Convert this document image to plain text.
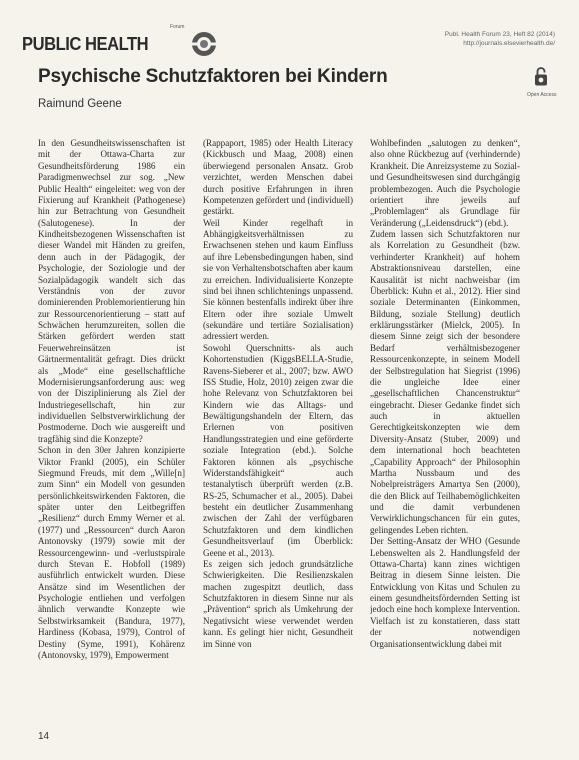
PUBLIC HEALTH
Forum
Publ. Health Forum 23, Heft 82 (2014)
http://journals.elsevierhealth.de/
Open Access
Psychische Schutzfaktoren bei Kindern
Raimund Geene

In den Gesundheitswissenschaften ist mit der Ottawa-Charta zur Gesundheitsförderung 1986 ein Paradigmenwechsel zur sog. „New Public Health“ eingeleitet: weg von der Fixierung auf Krankheit (Pathogenese) hin zur Betrachtung von Gesundheit (Salutogenese). In der Kindheitsbezogenen Wissenschaften ist dieser Wandel mit Händen zu greifen, denn auch in der Pädagogik, der Psychologie, der Soziologie und der Sozialpädagogik wandelt sich das Verständnis von der zuvor dominierenden Problemorientierung hin zur Ressourcenorientierung – statt auf Schwächen herumzureiten, sollen die Stärken gefördert werden statt Feuerwehreinsätzen ist Gärtnermentalität gefragt. Dies drückt als „Mode“ eine gesellschaftliche Modernisierungsanforderung aus: weg von der Disziplinierung als Ziel der Industriegesellschaft, hin zur individuellen Selbstverwirklichung der Postmoderne. Doch wie ausgereift und tragfähig sind die Konzepte?

Schon in den 30er Jahren konzipierte Viktor Frankl (2005), ein Schüler Siegmund Freuds, mit dem „Wille[n] zum Sinn“ ein Modell von gesunden persönlichkeitswirkenden Faktoren, die später unter den Leitbegriffen „Resilienz“ durch Emmy Werner et al. (1977) und „Ressourcen“ durch Aaron Antonovsky (1979) sowie mit der Ressourcengewinn- und -verlustspirale durch Stevan E. Hobfoll (1989) ausführlich entwickelt wurden. Diese Ansätze sind im Wesentlichen der Psychologie entliehen und verfolgen ähnlich verwandte Konzepte wie Selbstwirksamkeit (Bandura, 1977), Hardiness (Kobasa, 1979), Control of Destiny (Syme, 1991), Kohärenz (Antonovsky, 1979), Empowerment

(Rappaport, 1985) oder Health Literacy (Kickbusch und Maag, 2008) einen überwiegend personalen Ansatz. Grob verzichtet, werden Menschen dabei durch positive Erfahrungen in ihren Kompetenzen gefördert und (individuell) gestärkt.

Weil Kinder regelhaft in Abhängigkeitsverhältnissen zu Erwachsenen stehen und kaum Einfluss auf ihre Lebensbedingungen haben, sind sie von Verhaltensbotschaften aber kaum zu erreichen. Individualisierte Konzepte sind bei ihnen schlichtenings unpassend. Sie können bestenfalls indirekt über ihre Eltern oder ihre soziale Umwelt (sekundäre und tertiäre Sozialisation) adressiert werden.

Sowohl Querschnitts- als auch Kohortenstudien (KiggsBELLA-Studie, Ravens-Sieberer et al., 2007; bzw. AWO ISS Studie, Holz, 2010) zeigen zwar die hohe Relevanz von Schutzfaktoren bei Kindern wie das Alltags- und Bewältigungshandeln der Eltern, das Erlernen von positiven Handlungsstrategien und eine geförderte soziale Integration (ebd.). Solche Faktoren können als „psychische Widerstandsfähigkeit“ auch testanalytisch überprüft werden (z.B. RS-25, Schumacher et al., 2005). Dabei besteht ein deutlicher Zusammenhang zwischen der Zahl der verfügbaren Schutzfaktoren und dem kindlichen Gesundheitsverlauf (im Überblick: Geene et al., 2013).

Es zeigen sich jedoch grundsätzliche Schwierigkeiten. Die Resilienzskalen machen zugespitzt deutlich, dass Schutzfaktoren in diesem Sinne nur als „Prävention“ sprich als Umkehrung der Negativsicht wiese verwendet werden kann. Es gelingt hier nicht, Gesundheit im Sinne von

Wohlbefinden „salutogen zu denken“, also ohne Rückbezug auf (verhindernde) Krankheit. Die Anreizsysteme zu Sozial- und Gesundheitswesen sind durchgängig problembezogen. Auch die Psychologie orientiert ihre jeweils auf „Problemlagen“ als Grundlage für Veränderung („Leidensdruck“) (ebd.).

Zudem lassen sich Schutzfaktoren nur als Korrelation zu Gesundheit (bzw. verhinderter Krankheit) auf hohem Abstraktionsniveau darstellen, eine Kausalität ist nicht nachweisbar (im Überblick: Kuhn et al., 2012). Hier sind soziale Determinanten (Einkommen, Bildung, soziale Stellung) deutlich erklärungsstärker (Mielck, 2005). In diesem Sinne zeigt sich der besondere Bedarf verhältnisbezogener Ressourcenkonzepte, in seinem Modell der Selbstregulation hat Siegrist (1996) die ungleiche Idee einer „gesellschaftlichen Chancenstruktur“ eingebracht. Dieser Gedanke findet sich auch in aktuellen Gerechtigkeitskonzepten wie dem Diversity-Ansatz (Stuber, 2009) und dem international hoch beachteten „Capability Approach“ der Philosophin Martha Nussbaum und des Nobelpreisträgers Amartya Sen (2000), die den Blick auf Teilhabemöglichkeiten und die damit verbundenen Verwirklichungschancen für ein gutes, gelingendes Leben richten.

Der Setting-Ansatz der WHO (Gesunde Lebenswelten als 2. Handlungsfeld der Ottawa-Charta) kann zines wichtigen Beitrag in diesem Sinne leisten. Die Entwicklung von Kitas und Schulen zu einem gesundheitsfördernden Setting ist jedoch eine hoch komplexe Intervention. Vielfach ist zu konstatieren, dass statt der notwendigen Organisationsentwicklung dabei mit

14
